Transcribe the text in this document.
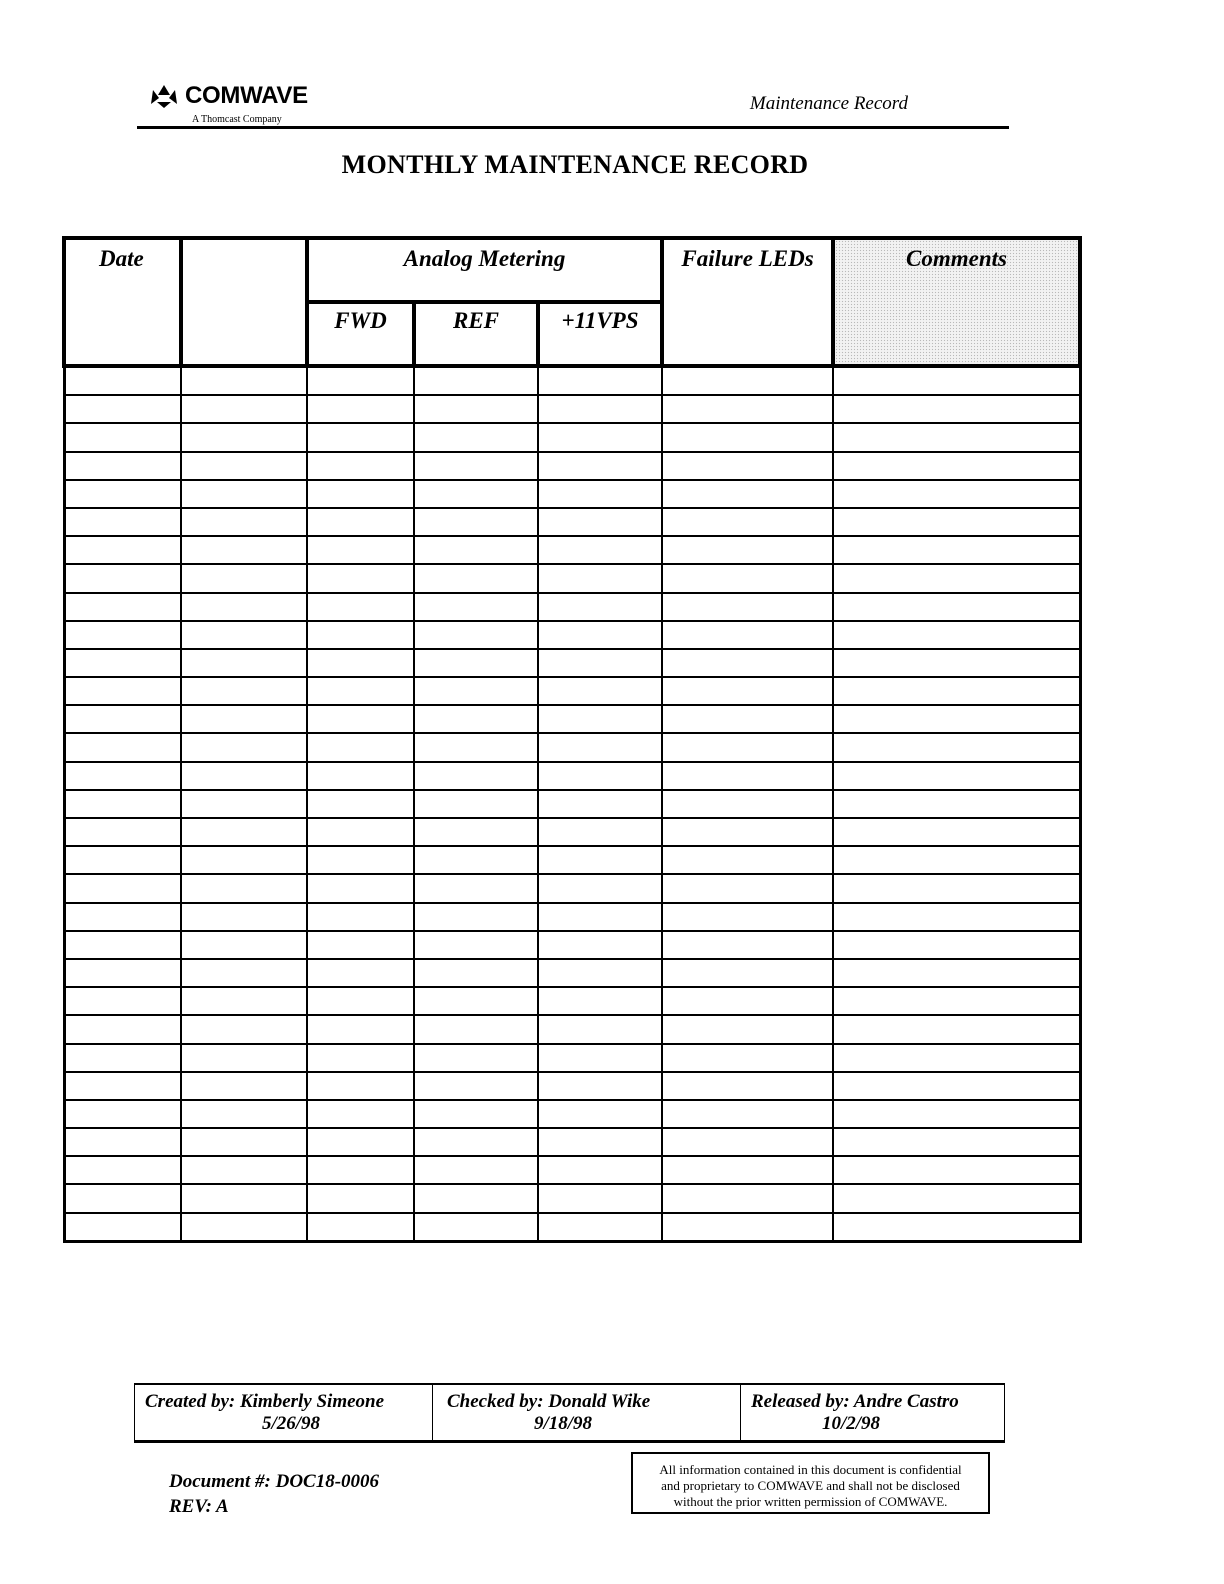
COMWAVE
A Thomcast Company
Maintenance Record
MONTHLY MAINTENANCE RECORD
Date		Analog Metering			Failure LEDs	Comments

		FWD	REF	+11VPS		

Created by: Kimberly Simeone
5/26/98
Checked by: Donald Wike
9/18/98
Released by: Andre Castro
10/2/98
Document #: DOC18-0006
REV: A
All information contained in this document is confidential
and proprietary to COMWAVE and shall not be disclosed
without the prior written permission of COMWAVE.
